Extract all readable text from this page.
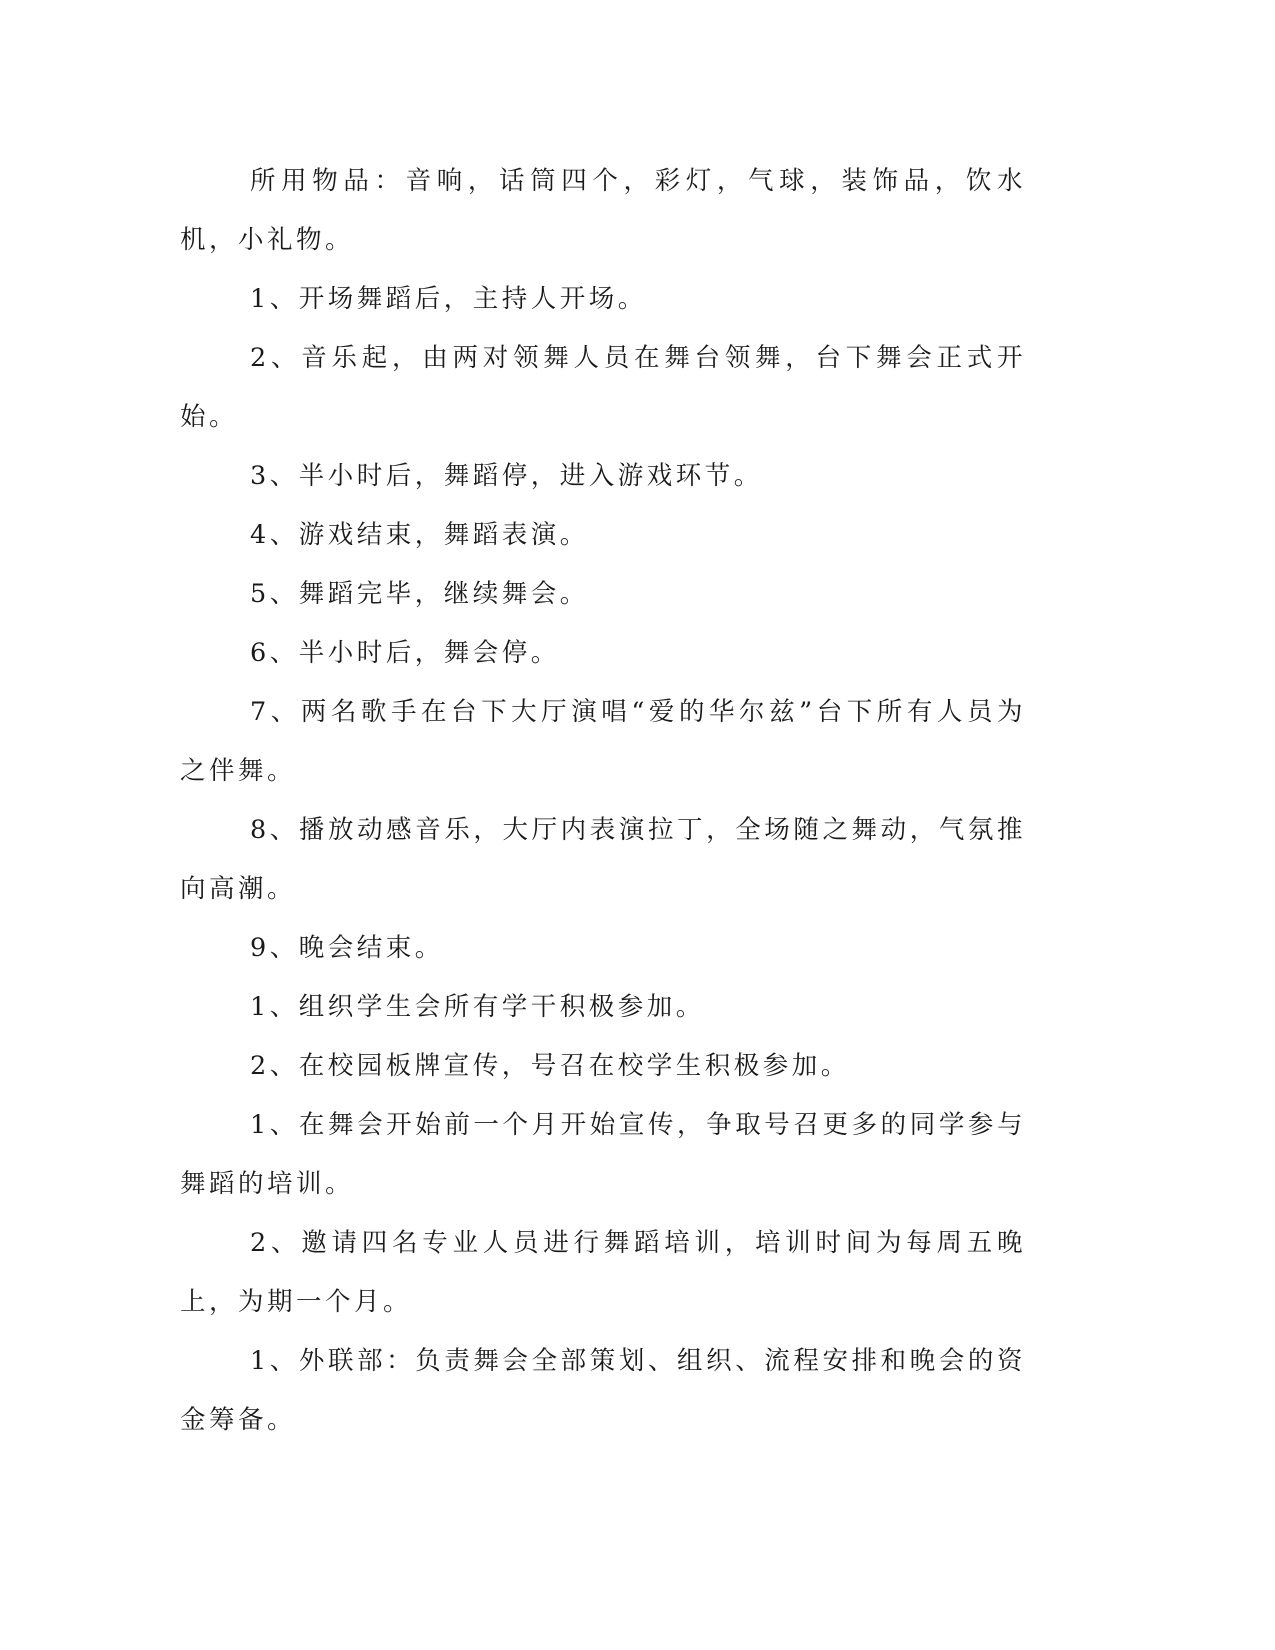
所用物品：音响，话筒四个，彩灯，气球，装饰品，饮水机，小礼物。

1、开场舞蹈后，主持人开场。

2、音乐起，由两对领舞人员在舞台领舞，台下舞会正式开始。

3、半小时后，舞蹈停，进入游戏环节。

4、游戏结束，舞蹈表演。

5、舞蹈完毕，继续舞会。

6、半小时后，舞会停。

7、两名歌手在台下大厅演唱“爱的华尔兹”台下所有人员为之伴舞。

8、播放动感音乐，大厅内表演拉丁，全场随之舞动，气氛推向高潮。

9、晚会结束。

1、组织学生会所有学干积极参加。

2、在校园板牌宣传，号召在校学生积极参加。

1、在舞会开始前一个月开始宣传，争取号召更多的同学参与舞蹈的培训。

2、邀请四名专业人员进行舞蹈培训，培训时间为每周五晚上，为期一个月。

1、外联部：负责舞会全部策划、组织、流程安排和晚会的资金筹备。
